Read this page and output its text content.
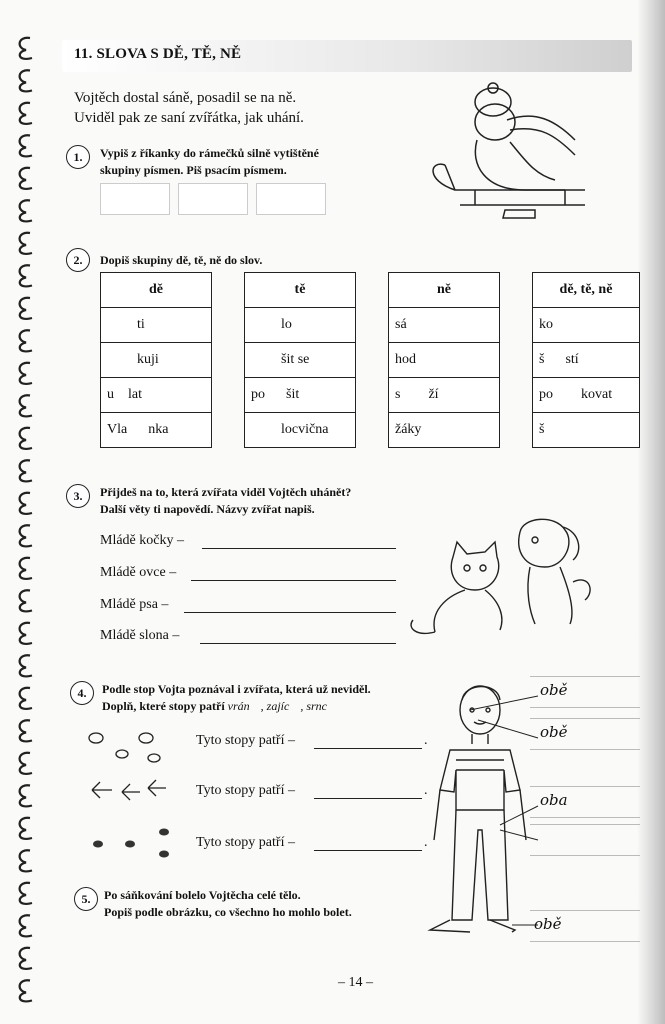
11. SLOVA S DĚ, TĚ, NĚ
Vojtěch dostal sáně, posadil se na ně.
Uviděl pak ze saní zvířátka, jak uhání.
1.	Vypiš z říkanky do rámečků silně vytištěné
skupiny písmen. Piš psacím písmem.
2.	Dopiš skupiny dě, tě, ně do slov.
dě
ti
kuji
u    lat
Vla      nka
tě
lo
šit se
po      šit
locvična
ně
sá
hod
s        ží
žáky
dě, tě, ně
ko
š      stí
po        kovat
š
3.	Přijdeš na to, která zvířata viděl Vojtěch uhánět?
Další věty ti napovědí. Názvy zvířat napiš.
Mládě kočky –
Mládě ovce –
Mládě psa –
Mládě slona –
4.	Podle stop Vojta poznával i zvířata, která už neviděl.
Doplň, které stopy patří vrán , zajíc , srnc
Tyto stopy patří –	.
Tyto stopy patří –	.
Tyto stopy patří –	.
obě
obě
oba
obě
5.	Po sáňkování bolelo Vojtěcha celé tělo.
Popiš podle obrázku, co všechno ho mohlo bolet.
– 14 –
